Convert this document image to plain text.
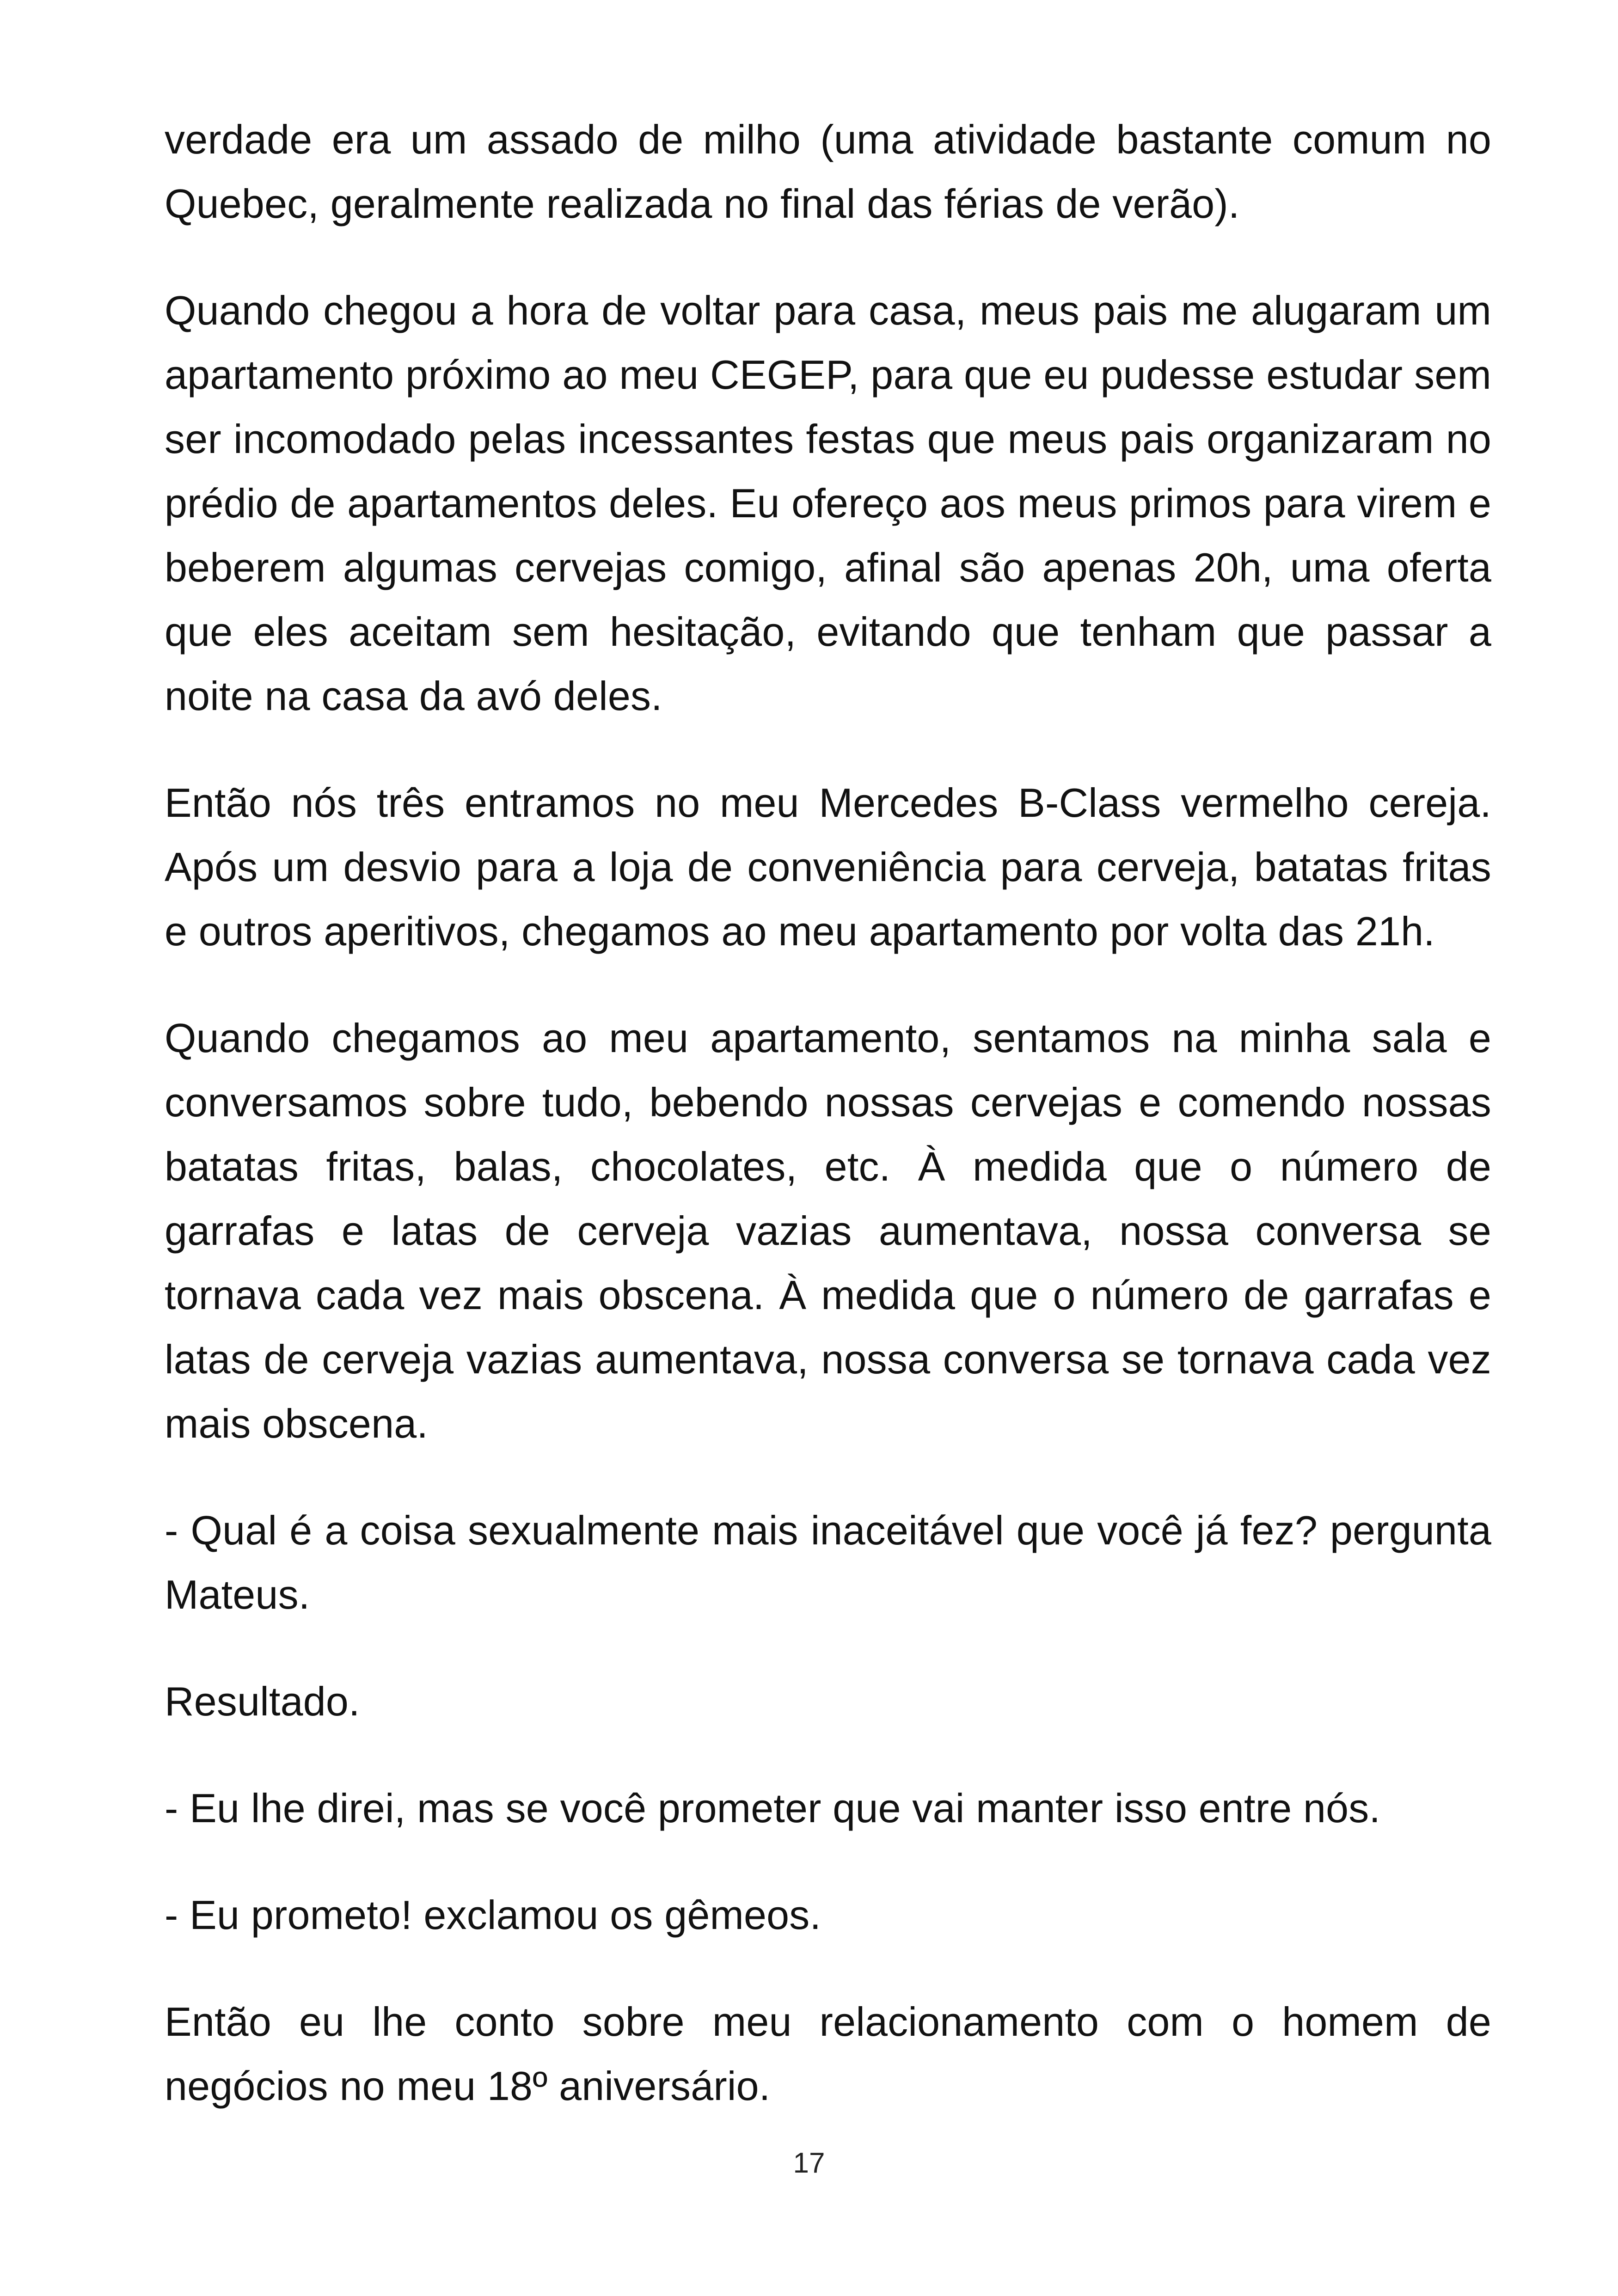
verdade era um assado de milho (uma atividade bastante comum no Quebec, geralmente realizada no final das férias de verão).

Quando chegou a hora de voltar para casa, meus pais me alugaram um apartamento próximo ao meu CEGEP, para que eu pudesse estudar sem ser incomodado pelas incessantes festas que meus pais organizaram no prédio de apartamentos deles. Eu ofereço aos meus primos para virem e beberem algumas cervejas comigo, afinal são apenas 20h, uma oferta que eles aceitam sem hesitação, evitando que tenham que passar a noite na casa da avó deles.

Então nós três entramos no meu Mercedes B-Class vermelho cereja. Após um desvio para a loja de conveniência para cerveja, batatas fritas e outros aperitivos, chegamos ao meu apartamento por volta das 21h.

Quando chegamos ao meu apartamento, sentamos na minha sala e conversamos sobre tudo, bebendo nossas cervejas e comendo nossas batatas fritas, balas, chocolates, etc. À medida que o número de garrafas e latas de cerveja vazias aumentava, nossa conversa se tornava cada vez mais obscena. À medida que o número de garrafas e latas de cerveja vazias aumentava, nossa conversa se tornava cada vez mais obscena.

- Qual é a coisa sexualmente mais inaceitável que você já fez? pergunta Mateus.

Resultado.

- Eu lhe direi, mas se você prometer que vai manter isso entre nós.

- Eu prometo! exclamou os gêmeos.

Então eu lhe conto sobre meu relacionamento com o homem de negócios no meu 18º aniversário.

17
